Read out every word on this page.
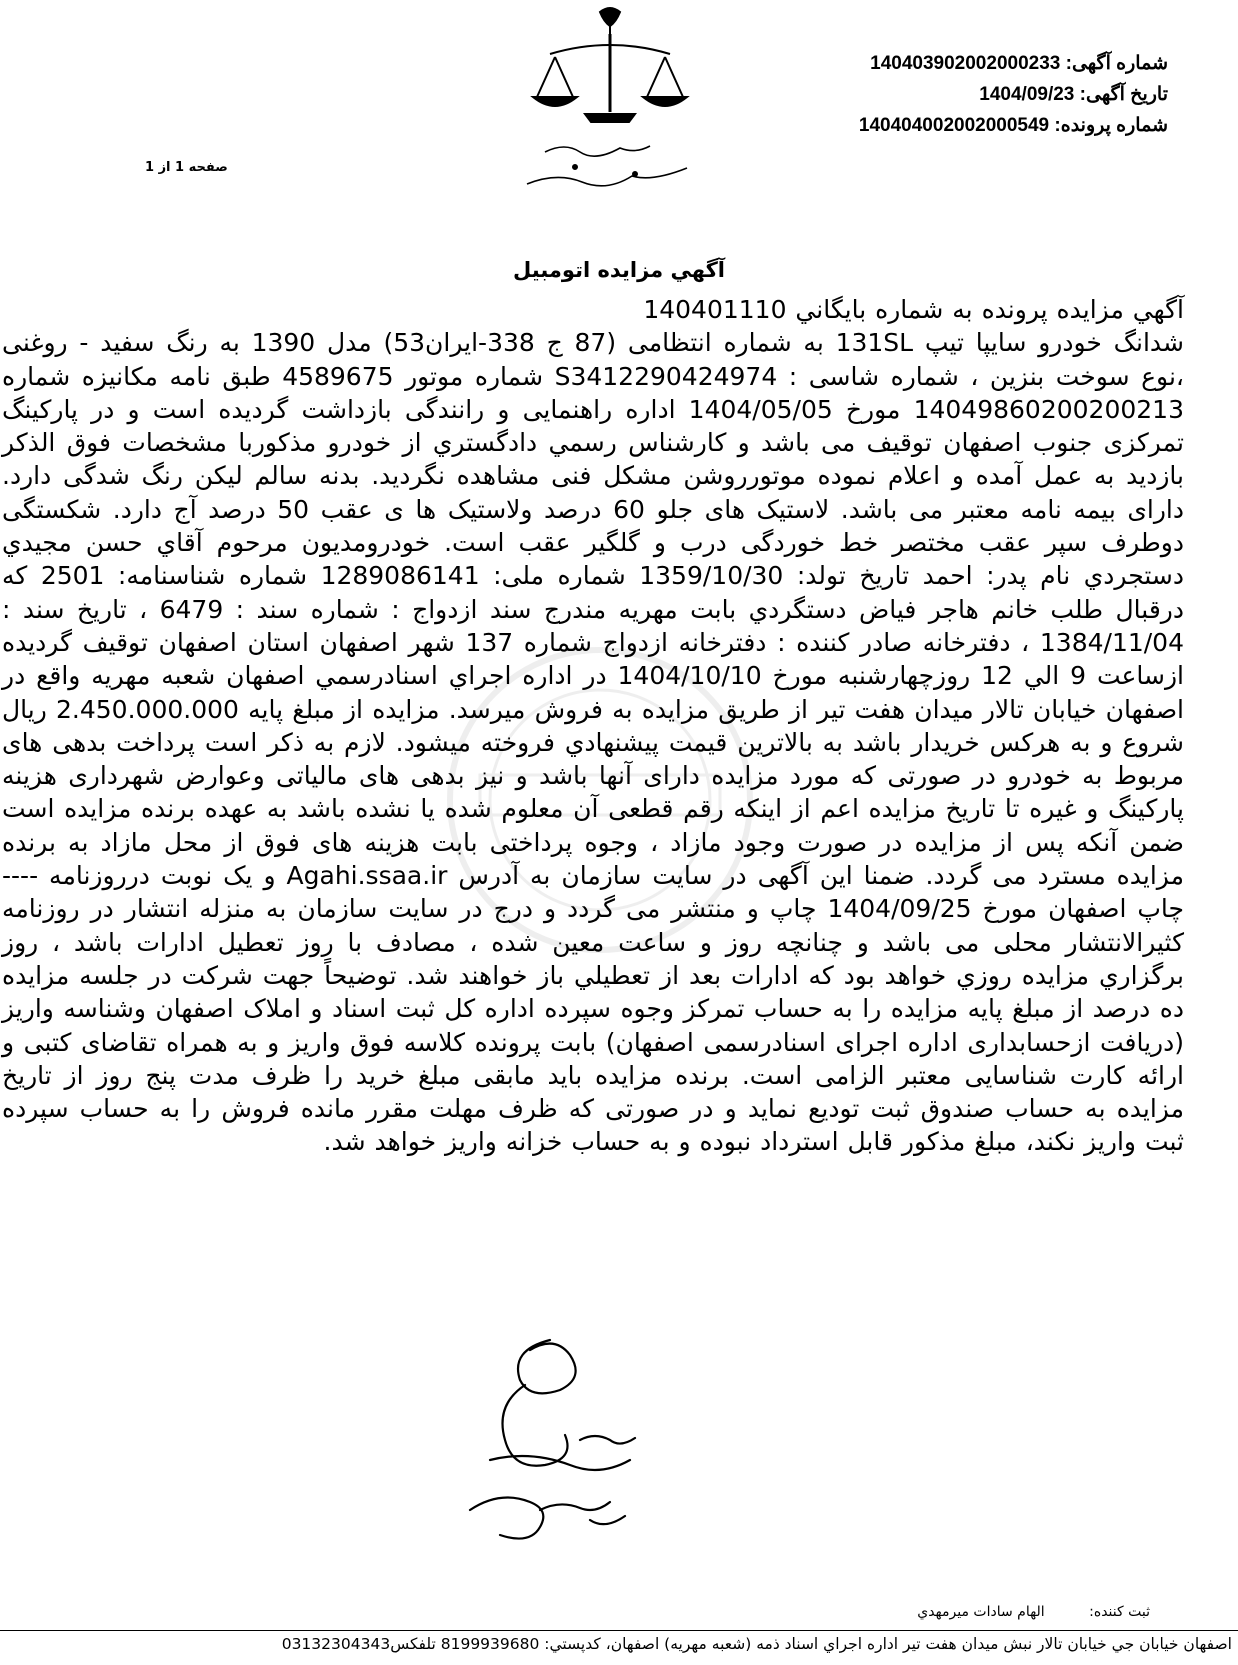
شماره آگهی: 140403902002000233
تاریخ آگهی: 1404/09/23
شماره پرونده: 140404002002000549
صفحه 1 از 1
آگهي مزايده اتومبيل

آگهي مزايده پرونده به شماره بايگاني 140401110

شدانگ خودرو سايپا تيپ 131SL به شماره انتظامی (87 ج 338-ایران53) مدل 1390 به رنگ سفيد - روغنی ،نوع سوخت بنزين ، شماره شاسی : S3412290424974 شماره موتور 4589675 طبق نامه مکانیزه شماره 14049860200200213 مورخ 1404/05/05 اداره راهنمایی و رانندگی بازداشت گرديده است و در پارکينگ تمرکزی جنوب اصفهان توقیف می باشد و کارشناس رسمي دادگستري از خودرو مذکوربا مشخصات فوق الذکر بازديد به عمل آمده و اعلام نموده موتورروشن مشکل فنی مشاهده نگرديد. بدنه سالم لیکن رنگ شدگی دارد. دارای بیمه نامه معتبر می باشد. لاستیک های جلو 60 درصد ولاستیک ها ی عقب 50 درصد آج دارد. شکستگی دوطرف سپر عقب مختصر خط خوردگی درب و گلگیر عقب است. خودرومديون مرحوم آقاي حسن مجيدي دستجردي نام پدر: احمد تاريخ تولد: 1359/10/30 شماره ملی: 1289086141 شماره شناسنامه: 2501 که درقبال طلب خانم هاجر فياض دستگردي بابت مهريه مندرج سند ازدواج : شماره سند : 6479 ، تاريخ سند : 1384/11/04 ، دفترخانه صادر کننده : دفترخانه ازدواج شماره 137 شهر اصفهان استان اصفهان توقیف گرديده ازساعت 9 الي 12 روزچهارشنبه مورخ 1404/10/10 در اداره اجراي اسنادرسمي اصفهان شعبه مهريه واقع در اصفهان خيابان تالار ميدان هفت تير از طريق مزايده به فروش ميرسد. مزايده از مبلغ پايه 2.450.000.000 ريال شروع و به هرکس خريدار باشد به بالاترين قيمت پيشنهادي فروخته ميشود. لازم به ذکر است پرداخت بدهی های مربوط به خودرو در صورتی که مورد مزايده دارای آنها باشد و نيز بدهی های مالیاتی وعوارض شهرداری هزينه پارکينگ و غيره تا تاريخ مزايده اعم از اينکه رقم قطعی آن معلوم شده يا نشده باشد به عهده برنده مزايده است ضمن آنکه پس از مزايده در صورت وجود مازاد ، وجوه پرداختی بابت هزينه های فوق از محل مازاد به برنده مزايده مسترد می گردد. ضمنا اين آگهی در سايت سازمان به آدرس Agahi.ssaa.ir و يک نوبت درروزنامه ---- چاپ اصفهان مورخ 1404/09/25 چاپ و منتشر می گردد و درج در سایت سازمان به منزله انتشار در روزنامه کثيرالانتشار محلی می باشد و چنانچه روز و ساعت معين شده ، مصادف با روز تعطيل ادارات باشد ، روز برگزاري مزايده روزي خواهد بود که ادارات بعد از تعطيلي باز خواهند شد. توضيحاً جهت شرکت در جلسه مزايده ده درصد از مبلغ پايه مزايده را به حساب تمرکز وجوه سپرده اداره کل ثبت اسناد و املاک اصفهان وشناسه واريز (دريافت ازحسابداری اداره اجرای اسنادرسمی اصفهان) بابت پرونده کلاسه فوق واريز و به همراه تقاضای کتبی و ارائه کارت شناسایی معتبر الزامی است. برنده مزايده بايد مابقی مبلغ خريد را ظرف مدت پنج روز از تاريخ مزايده به حساب صندوق ثبت توديع نمايد و در صورتی که ظرف مهلت مقرر مانده فروش را به حساب سپرده ثبت واريز نکند، مبلغ مذکور قابل استرداد نبوده و به حساب خزانه واريز خواهد شد.

ثبت کننده: الهام سادات ميرمهدي
اصفهان خيابان جي خيابان تالار نبش ميدان هفت تير اداره اجراي اسناد ذمه (شعبه مهريه) اصفهان، کدپستي: 8199939680 تلفکس03132304343
